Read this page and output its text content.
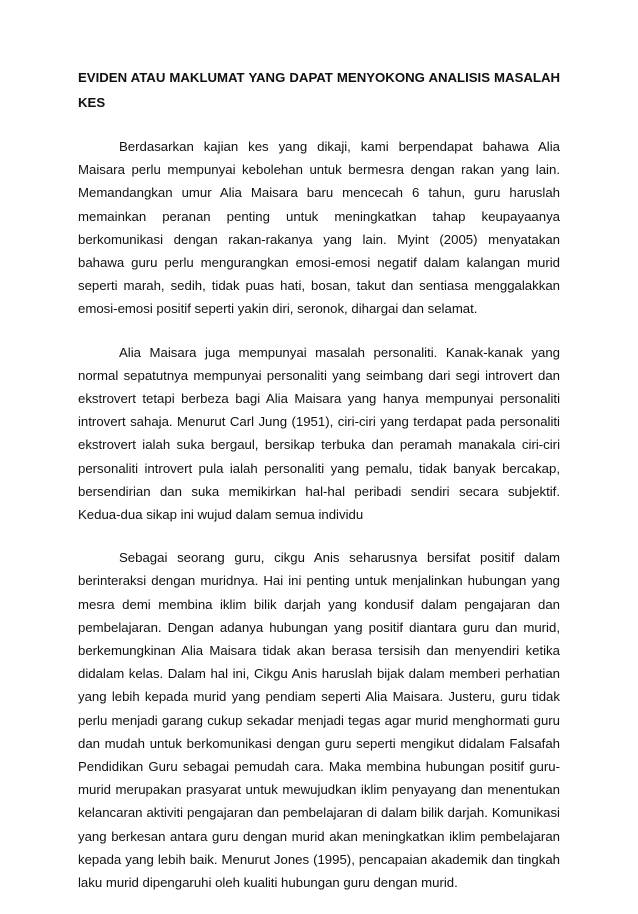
EVIDEN ATAU MAKLUMAT YANG DAPAT MENYOKONG ANALISIS MASALAH KES

Berdasarkan kajian kes yang dikaji, kami berpendapat bahawa Alia Maisara perlu mempunyai kebolehan untuk bermesra dengan rakan yang lain. Memandangkan umur Alia Maisara baru mencecah 6 tahun, guru haruslah memainkan peranan penting untuk meningkatkan tahap keupayaanya berkomunikasi dengan rakan-rakanya yang lain. Myint (2005) menyatakan bahawa guru perlu mengurangkan emosi-emosi negatif dalam kalangan murid seperti marah, sedih, tidak puas hati, bosan, takut dan sentiasa menggalakkan emosi-emosi positif seperti yakin diri, seronok, dihargai dan selamat.

Alia Maisara juga mempunyai masalah personaliti. Kanak-kanak yang normal sepatutnya mempunyai personaliti yang seimbang dari segi introvert dan ekstrovert tetapi berbeza bagi Alia Maisara yang hanya mempunyai personaliti introvert sahaja. Menurut Carl Jung (1951), ciri-ciri yang terdapat pada personaliti ekstrovert ialah suka bergaul, bersikap terbuka dan peramah manakala ciri-ciri personaliti introvert pula ialah personaliti yang pemalu, tidak banyak bercakap, bersendirian dan suka memikirkan hal-hal peribadi sendiri secara subjektif. Kedua-dua sikap ini wujud dalam semua individu

Sebagai seorang guru, cikgu Anis seharusnya bersifat positif dalam berinteraksi dengan muridnya. Hai ini penting untuk menjalinkan hubungan yang mesra demi membina iklim bilik darjah yang kondusif dalam pengajaran dan pembelajaran. Dengan adanya hubungan yang positif diantara guru dan murid, berkemungkinan Alia Maisara tidak akan berasa tersisih dan menyendiri ketika didalam kelas. Dalam hal ini, Cikgu Anis haruslah bijak dalam memberi perhatian yang lebih kepada murid yang pendiam seperti Alia Maisara. Justeru, guru tidak perlu menjadi garang cukup sekadar menjadi tegas agar murid menghormati guru dan mudah untuk berkomunikasi dengan guru seperti mengikut didalam Falsafah Pendidikan Guru sebagai pemudah cara. Maka membina hubungan positif guru-murid merupakan prasyarat untuk mewujudkan iklim penyayang dan menentukan kelancaran aktiviti pengajaran dan pembelajaran di dalam bilik darjah. Komunikasi yang berkesan antara guru dengan murid akan meningkatkan iklim pembelajaran kepada yang lebih baik. Menurut Jones (1995), pencapaian akademik dan tingkah laku murid dipengaruhi oleh kualiti hubungan guru dengan murid.
